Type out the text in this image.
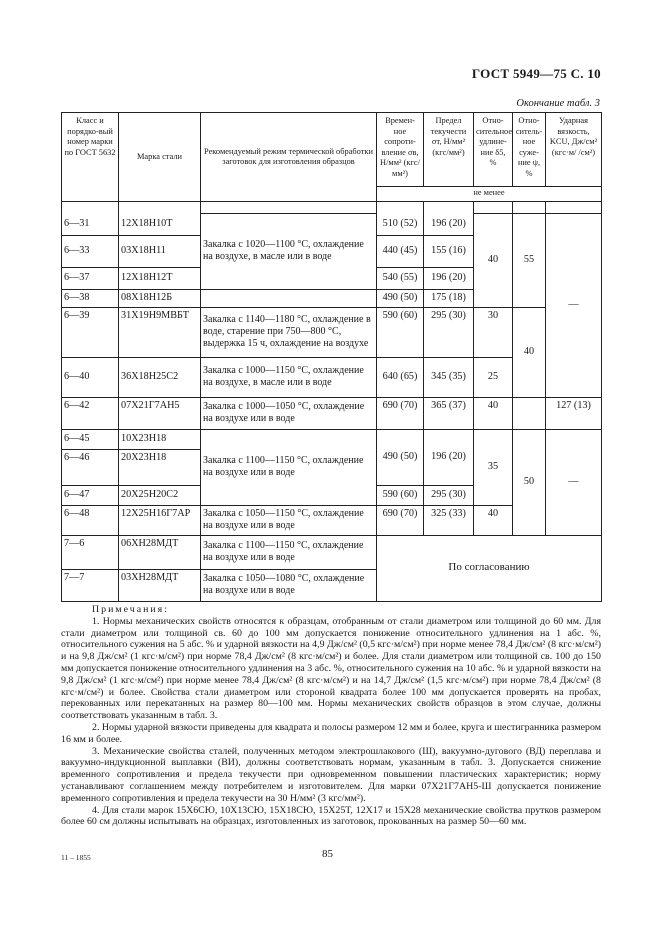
ГОСТ 5949—75 С. 10
Окончание табл. 3
Класс и порядко-вый номер марки по ГОСТ 5632	Марка стали	Рекомендуемый режим термической обработки заготовок для изготовления образцов	Времен-ное сопроти-вление σв, Н/мм² (кгс/мм²)	Предел текучести σт, Н/мм² (кгс/мм²)	Отно-сительное удлине-ние δ5, %	Отно-ситель-ное суже-ние ψ, %	Ударная вязкость, KCU, Дж/см² (кгс·м/ /см²)
			не менее				

6—31	12Х18Н10Т	Закалка с 1020—1100 °С, охлаждение на воздухе, в масле или в воде	510 (52)	196 (20)	40	55	—
6—33	03Х18Н11		440 (45)	155 (16)			
6—37	12Х18Н12Т		540 (55)	196 (20)			
6—38	08Х18Н12Б		490 (50)	175 (18)			
6—39	31Х19Н9МВБТ	Закалка с 1140—1180 °С, охлаждение в воде, старение при 750—800 °С, выдержка 15 ч, охлаждение на воздухе	590 (60)	295 (30)	30	40	
6—40	36Х18Н25С2	Закалка с 1000—1150 °С, охлаждение на воздухе, в масле или в воде	640 (65)	345 (35)	25		
6—42	07Х21Г7АН5	Закалка с 1000—1050 °С, охлаждение на воздухе или в воде	690 (70)	365 (37)	40		127 (13)
6—45	10Х23Н18	Закалка с 1100—1150 °С, охлаждение на воздухе или в воде	490 (50)	196 (20)	35	50	—
6—46	20Х23Н18						
6—47	20Х25Н20С2		590 (60)	295 (30)			
6—48	12Х25Н16Г7АР	Закалка с 1050—1150 °С, охлаждение на воздухе или в воде	690 (70)	325 (33)	40		
7—6	06ХН28МДТ	Закалка с 1100—1150 °С, охлаждение на воздухе или в воде	По согласованию				
7—7	03ХН28МДТ	Закалка с 1050—1080 °С, охлаждение на воздухе или в воде					

Примечания:

1. Нормы механических свойств относятся к образцам, отобранным от стали диаметром или толщиной до 60 мм. Для стали диаметром или толщиной св. 60 до 100 мм допускается понижение относительного удлинения на 1 абс. %, относительного сужения на 5 абс. % и ударной вязкости на 4,9 Дж/см² (0,5 кгс·м/см²) при норме менее 78,4 Дж/см² (8 кгс·м/см²) и на 9,8 Дж/см² (1 кгс·м/см²) при норме 78,4 Дж/см² (8 кгс·м/см²) и более. Для стали диаметром или толщиной св. 100 до 150 мм допускается понижение относительного удлинения на 3 абс. %, относительного сужения на 10 абс. % и ударной вязкости на 9,8 Дж/см² (1 кгс·м/см²) при норме менее 78,4 Дж/см² (8 кгс·м/см²) и на 14,7 Дж/см² (1,5 кгс·м/см²) при норме 78,4 Дж/см² (8 кгс·м/см²) и более. Свойства стали диаметром или стороной квадрата более 100 мм допускается проверять на пробах, перекованных или перекатанных на размер 80—100 мм. Нормы механических свойств образцов в этом случае, должны соответствовать указанным в табл. 3.

2. Нормы ударной вязкости приведены для квадрата и полосы размером 12 мм и более, круга и шестигранника размером 16 мм и более.

3. Механические свойства сталей, полученных методом электрошлакового (Ш), вакуумно-дугового (ВД) переплава и вакуумно-индукционной выплавки (ВИ), должны соответствовать нормам, указанным в табл. 3. Допускается снижение временного сопротивления и предела текучести при одновременном повышении пластических характеристик; норму устанавливают соглашением между потребителем и изготовителем. Для марки 07Х21Г7АН5-Ш допускается понижение временного сопротивления и предела текучести на 30 Н/мм² (3 кгс/мм²).

4. Для стали марок 15Х6СЮ, 10Х13СЮ, 15Х18СЮ, 15Х25Т, 12Х17 и 15Х28 механические свойства прутков размером более 60 см должны испытывать на образцах, изготовленных из заготовок, прокованных на размер 50—60 мм.

11 – 1855	85
